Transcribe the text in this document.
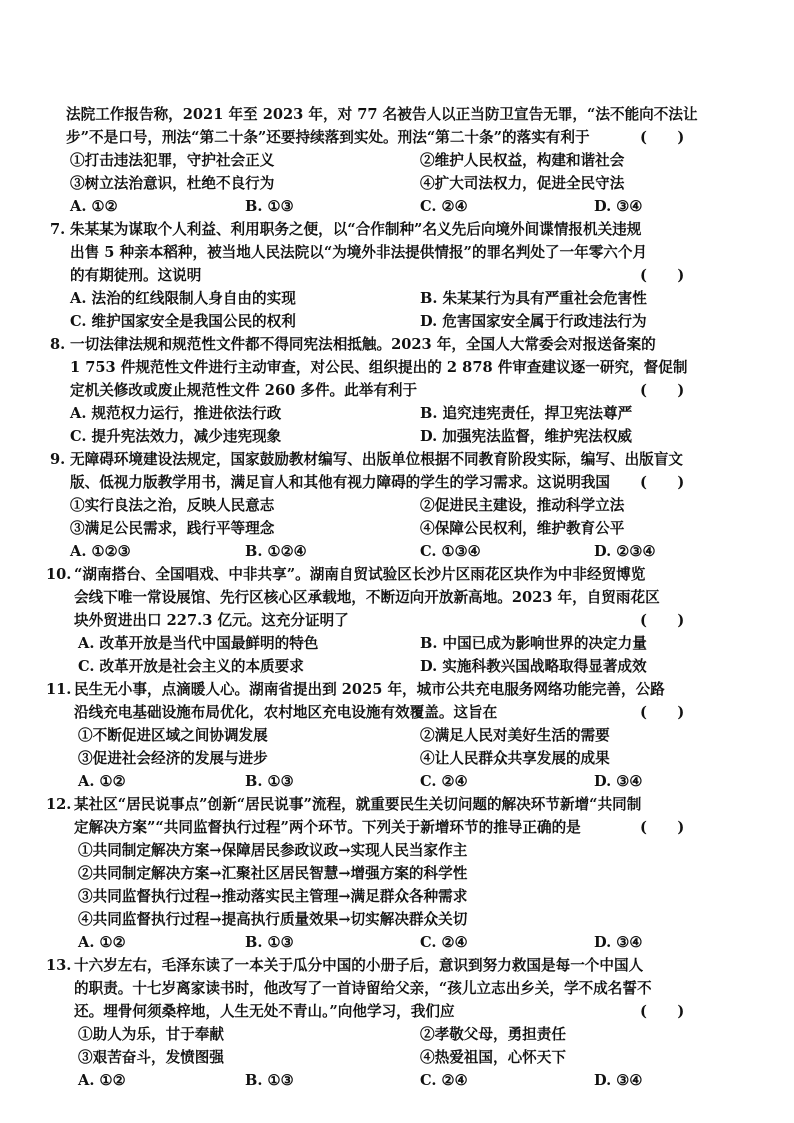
法院工作报告称，2021 年至 2023 年，对 77 名被告人以正当防卫宣告无罪，“法不能向不法让
步”不是口号，刑法“第二十条”还要持续落到实处。刑法“第二十条”的落实有利于	(      )
①打击违法犯罪，守护社会正义	②维护人民权益，构建和谐社会
③树立法治意识，杜绝不良行为	④扩大司法权力，促进全民守法
A. ①②	B. ①③	C. ②④	D. ③④
7. 朱某某为谋取个人利益、利用职务之便，以“合作制种”名义先后向境外间谍情报机关违规
出售 5 种亲本稻种，被当地人民法院以“为境外非法提供情报”的罪名判处了一年零六个月
的有期徒刑。这说明	(      )
A. 法治的红线限制人身自由的实现	B. 朱某某行为具有严重社会危害性
C. 维护国家安全是我国公民的权利	D. 危害国家安全属于行政违法行为
8. 一切法律法规和规范性文件都不得同宪法相抵触。2023 年，全国人大常委会对报送备案的
1 753 件规范性文件进行主动审查，对公民、组织提出的 2 878 件审查建议逐一研究，督促制
定机关修改或废止规范性文件 260 多件。此举有利于	(      )
A. 规范权力运行，推进依法行政	B. 追究违宪责任，捍卫宪法尊严
C. 提升宪法效力，减少违宪现象	D. 加强宪法监督，维护宪法权威
9. 无障碍环境建设法规定，国家鼓励教材编写、出版单位根据不同教育阶段实际，编写、出版盲文
版、低视力版教学用书，满足盲人和其他有视力障碍的学生的学习需求。这说明我国 (      )
①实行良法之治，反映人民意志	②促进民主建设，推动科学立法
③满足公民需求，践行平等理念	④保障公民权利，维护教育公平
A. ①②③	B. ①②④	C. ①③④	D. ②③④
10. “湖南搭台、全国唱戏、中非共享”。湖南自贸试验区长沙片区雨花区块作为中非经贸博览
会线下唯一常设展馆、先行区核心区承载地，不断迈向开放新高地。2023 年，自贸雨花区
块外贸进出口 227.3 亿元。这充分证明了	(      )
A. 改革开放是当代中国最鲜明的特色	B. 中国已成为影响世界的决定力量
C. 改革开放是社会主义的本质要求	D. 实施科教兴国战略取得显著成效
11. 民生无小事，点滴暖人心。湖南省提出到 2025 年，城市公共充电服务网络功能完善，公路
沿线充电基础设施布局优化，农村地区充电设施有效覆盖。这旨在	(      )
①不断促进区域之间协调发展	②满足人民对美好生活的需要
③促进社会经济的发展与进步	④让人民群众共享发展的成果
A. ①②	B. ①③	C. ②④	D. ③④
12. 某社区“居民说事点”创新“居民说事”流程，就重要民生关切问题的解决环节新增“共同制
定解决方案”“共同监督执行过程”两个环节。下列关于新增环节的推导正确的是	(      )
①共同制定解决方案→保障居民参政议政→实现人民当家作主
②共同制定解决方案→汇聚社区居民智慧→增强方案的科学性
③共同监督执行过程→推动落实民主管理→满足群众各种需求
④共同监督执行过程→提高执行质量效果→切实解决群众关切
A. ①②	B. ①③	C. ②④	D. ③④
13. 十六岁左右，毛泽东读了一本关于瓜分中国的小册子后，意识到努力救国是每一个中国人
的职责。十七岁离家读书时，他改写了一首诗留给父亲，“孩儿立志出乡关，学不成名誓不
还。埋骨何须桑梓地，人生无处不青山。”向他学习，我们应	(      )
①助人为乐，甘于奉献	②孝敬父母，勇担责任
③艰苦奋斗，发愤图强	④热爱祖国，心怀天下
A. ①②	B. ①③	C. ②④	D. ③④
